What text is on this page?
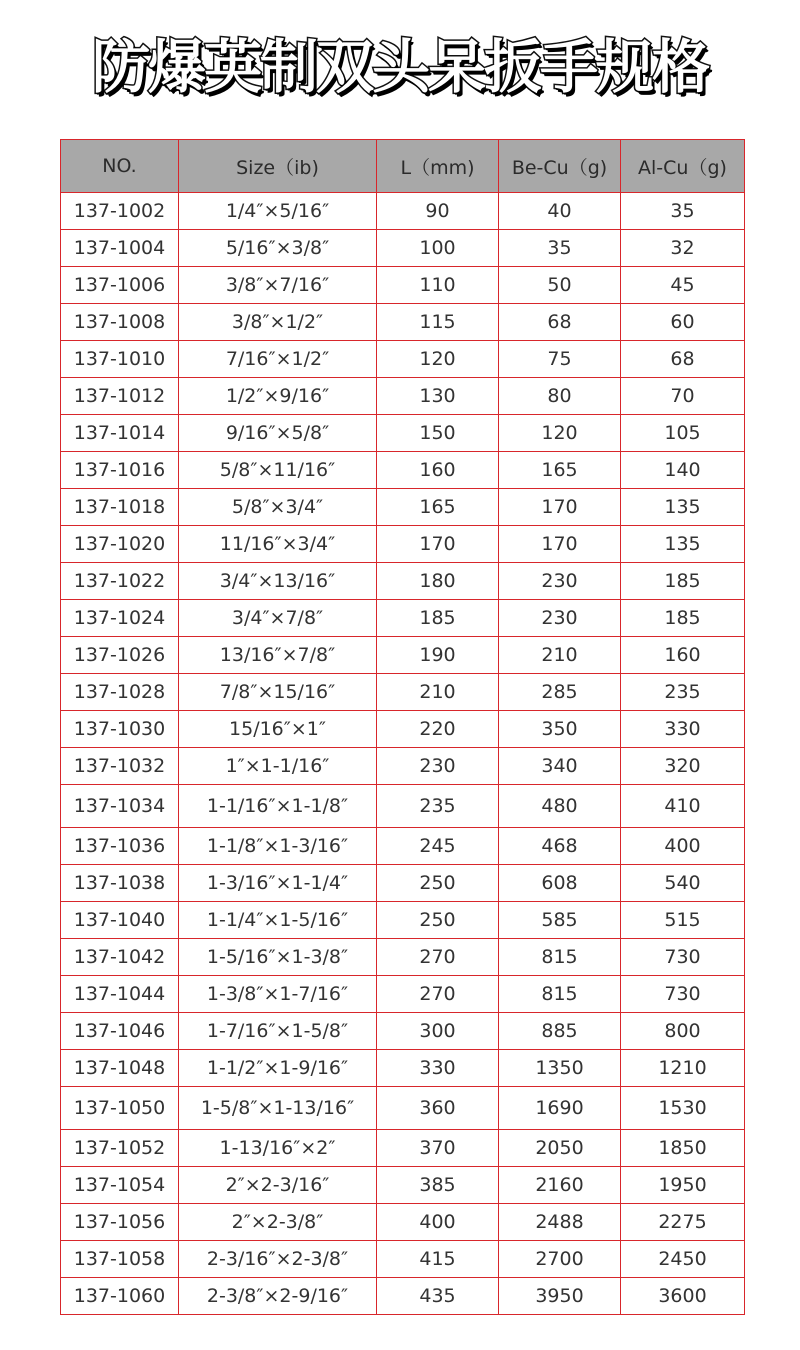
防爆英制双头呆扳手规格
NO.	Size（ib)	L（mm)	Be-Cu（g)	Al-Cu（g)
137-1002	1/4″×5/16″	90	40	35
137-1004	5/16″×3/8″	100	35	32
137-1006	3/8″×7/16″	110	50	45
137-1008	3/8″×1/2″	115	68	60
137-1010	7/16″×1/2″	120	75	68
137-1012	1/2″×9/16″	130	80	70
137-1014	9/16″×5/8″	150	120	105
137-1016	5/8″×11/16″	160	165	140
137-1018	5/8″×3/4″	165	170	135
137-1020	11/16″×3/4″	170	170	135
137-1022	3/4″×13/16″	180	230	185
137-1024	3/4″×7/8″	185	230	185
137-1026	13/16″×7/8″	190	210	160
137-1028	7/8″×15/16″	210	285	235
137-1030	15/16″×1″	220	350	330
137-1032	1″×1-1/16″	230	340	320
137-1034	1-1/16″×1-1/8″	235	480	410
137-1036	1-1/8″×1-3/16″	245	468	400
137-1038	1-3/16″×1-1/4″	250	608	540
137-1040	1-1/4″×1-5/16″	250	585	515
137-1042	1-5/16″×1-3/8″	270	815	730
137-1044	1-3/8″×1-7/16″	270	815	730
137-1046	1-7/16″×1-5/8″	300	885	800
137-1048	1-1/2″×1-9/16″	330	1350	1210
137-1050	1-5/8″×1-13/16″	360	1690	1530
137-1052	1-13/16″×2″	370	2050	1850
137-1054	2″×2-3/16″	385	2160	1950
137-1056	2″×2-3/8″	400	2488	2275
137-1058	2-3/16″×2-3/8″	415	2700	2450
137-1060	2-3/8″×2-9/16″	435	3950	3600
